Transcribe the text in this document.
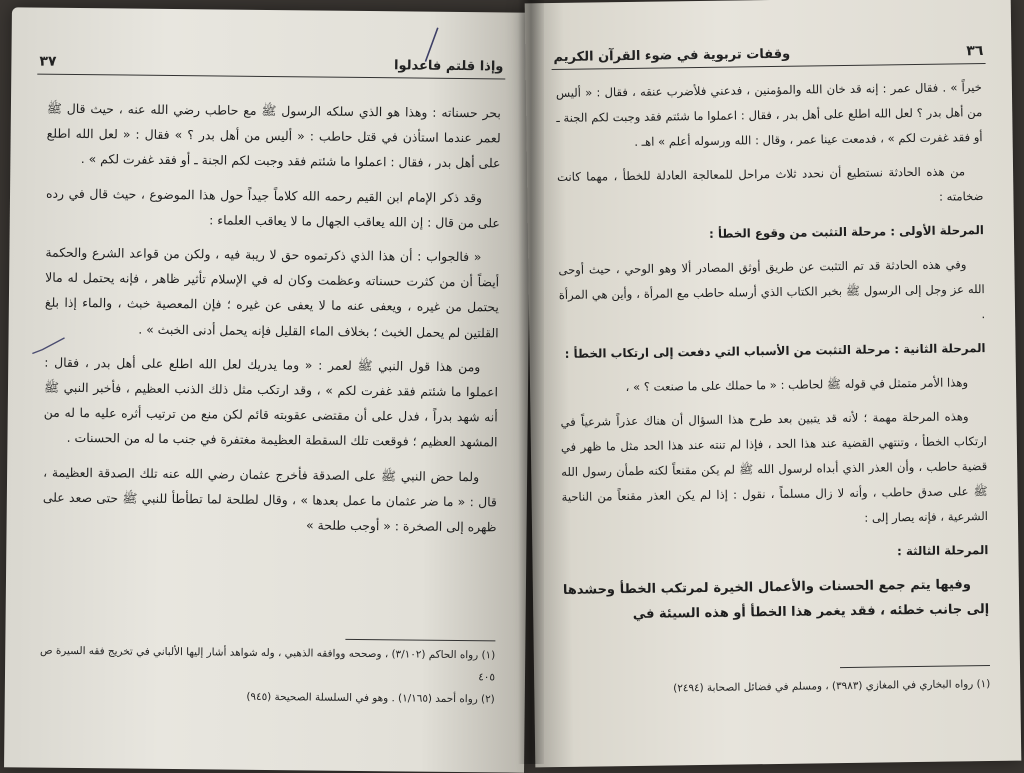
وإذا قلتم فاعدلوا
٣٧

بحر حسناته : وهذا هو الذي سلكه الرسول ﷺ مع حاطب رضي الله عنه ، حيث قال ﷺ لعمر عندما استأذن في قتل حاطب : « أليس من أهل بدر ؟ » فقال : « لعل الله اطلع على أهل بدر ، فقال : اعملوا ما شئتم فقد وجبت لكم الجنة ـ أو فقد غفرت لكم » .

وقد ذكر الإمام ابن القيم رحمه الله كلاماً جيداً حول هذا الموضوع ، حيث قال في رده على من قال : إن الله يعاقب الجهال ما لا يعاقب العلماء :

« فالجواب : أن هذا الذي ذكرتموه حق لا ريبة فيه ، ولكن من قواعد الشرع والحكمة أيضاً أن من كثرت حسناته وعظمت وكان له في الإسلام تأثير ظاهر ، فإنه يحتمل له مالا يحتمل من غيره ، ويعفى عنه ما لا يعفى عن غيره ؛ فإن المعصية خبث ، والماء إذا بلغ القلتين لم يحمل الخبث ؛ بخلاف الماء القليل فإنه يحمل أدنى الخبث » .

ومن هذا قول النبي ﷺ لعمر : « وما يدريك لعل الله اطلع على أهل بدر ، فقال : اعملوا ما شئتم فقد غفرت لكم » ، وقد ارتكب مثل ذلك الذنب العظيم ، فأخبر النبي ﷺ أنه شهد بدراً ، فدل على أن مقتضى عقوبته قائم لكن منع من ترتيب أثره عليه ما له من المشهد العظيم ؛ فوقعت تلك السقطة العظيمة مغتفرة في جنب ما له من الحسنات .

ولما حض النبي ﷺ على الصدقة فأخرج عثمان رضي الله عنه تلك الصدقة العظيمة ، قال : « ما ضر عثمان ما عمل بعدها » ، وقال لطلحة لما تطأطأ للنبي ﷺ حتى صعد على ظهره إلى الصخرة : « أوجب طلحة »

(١) رواه الحاكم (٣/١٠٢) ، وصححه ووافقه الذهبي ، وله شواهد أشار إليها الألباني في تخريج فقه السيرة ص ٤٠٥

(٢) رواه أحمد (١/١٦٥) . وهو في السلسلة الصحيحة (٩٤٥)

٣٦
وقفات تربوية في ضوء القرآن الكريم

خيراً » . فقال عمر : إنه قد خان الله والمؤمنين ، فدعني فلأضرب عنقه ، فقال : « أليس من أهل بدر ؟ لعل الله اطلع على أهل بدر ، فقال : اعملوا ما شئتم فقد وجبت لكم الجنة ـ أو فقد غفرت لكم » ، فدمعت عينا عمر ، وقال : الله ورسوله أعلم » اهـ .

من هذه الحادثة نستطيع أن نحدد ثلاث مراحل للمعالجة العادلة للخطأ ، مهما كانت ضخامته :

المرحلة الأولى : مرحلة التثبت من وقوع الخطأ :

وفي هذه الحادثة قد تم التثبت عن طريق أوثق المصادر ألا وهو الوحي ، حيث أوحى الله عز وجل إلى الرسول ﷺ بخبر الكتاب الذي أرسله حاطب مع المرأة ، وأين هي المرأة .

المرحلة الثانية : مرحلة التثبت من الأسباب التي دفعت إلى ارتكاب الخطأ :

وهذا الأمر متمثل في قوله ﷺ لحاطب : « ما حملك على ما صنعت ؟ » ،

وهذه المرحلة مهمة ؛ لأنه قد يتبين بعد طرح هذا السؤال أن هناك عذراً شرعياً في ارتكاب الخطأ ، وتنتهي القضية عند هذا الحد ، فإذا لم تنته عند هذا الحد مثل ما ظهر في قضية حاطب ، وأن العذر الذي أبداه لرسول الله ﷺ لم يكن مقنعاً لكنه طمأن رسول الله ﷺ على صدق حاطب ، وأنه لا زال مسلماً ، نقول : إذا لم يكن العذر مقنعاً من الناحية الشرعية ، فإنه يصار إلى :

المرحلة الثالثة :

وفيها يتم جمع الحسنات والأعمال الخيرة لمرتكب الخطأ وحشدها إلى جانب خطئه ، فقد يغمر هذا الخطأ أو هذه السيئة في

(١) رواه البخاري في المغازي (٣٩٨٣) ، ومسلم في فضائل الصحابة (٢٤٩٤)
